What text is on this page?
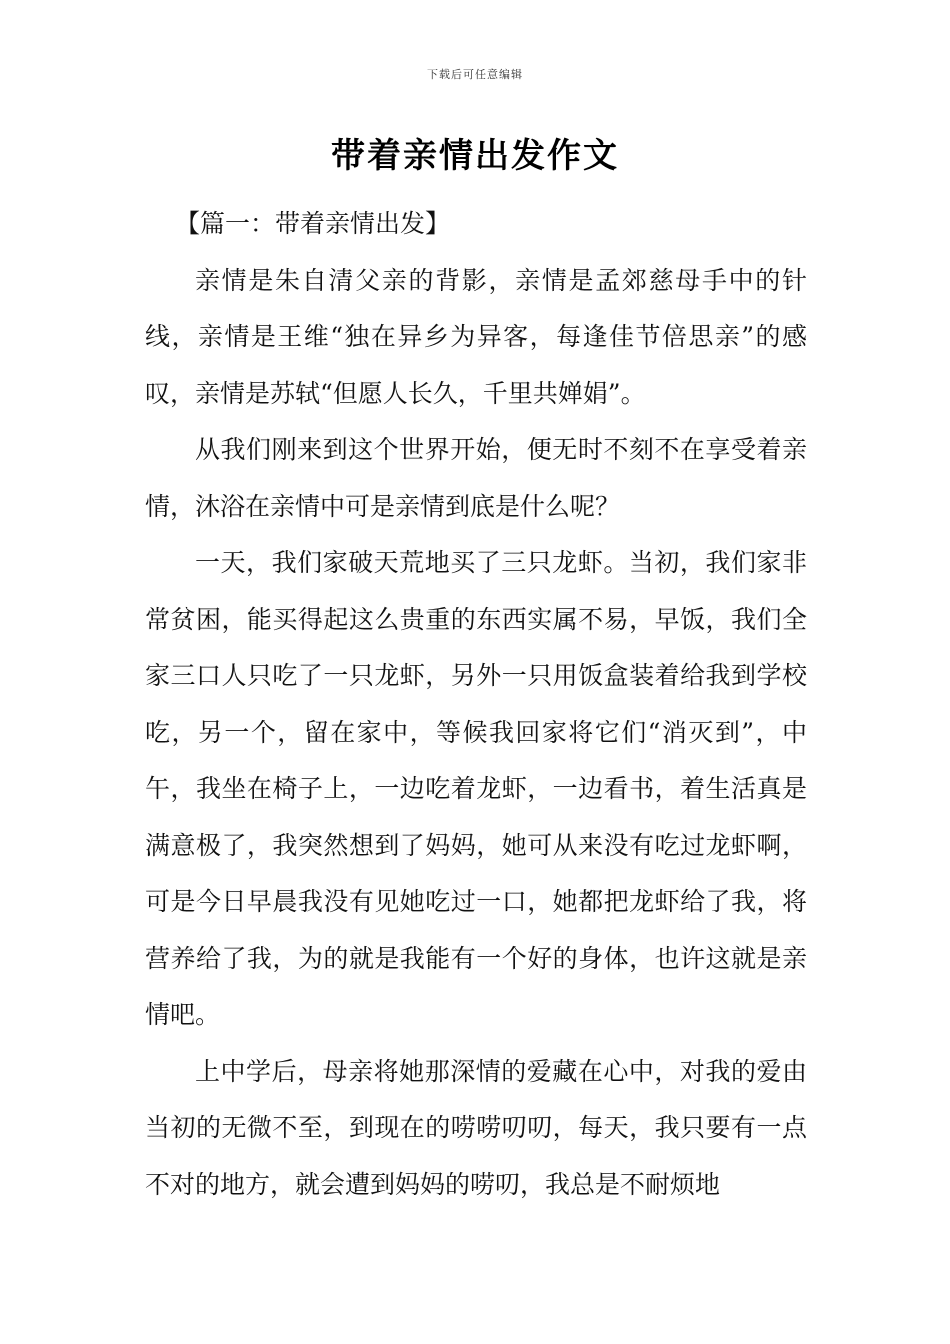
下载后可任意编辑
带着亲情出发作文
【篇一：带着亲情出发】

亲情是朱自清父亲的背影，亲情是孟郊慈母手中的针线，亲情是王维“独在异乡为异客，每逢佳节倍思亲”的感叹，亲情是苏轼“但愿人长久，千里共婵娟”。

从我们刚来到这个世界开始，便无时不刻不在享受着亲情，沐浴在亲情中可是亲情到底是什么呢？

一天，我们家破天荒地买了三只龙虾。当初，我们家非常贫困，能买得起这么贵重的东西实属不易，早饭，我们全家三口人只吃了一只龙虾，另外一只用饭盒装着给我到学校吃，另一个，留在家中，等候我回家将它们“消灭到”，中午，我坐在椅子上，一边吃着龙虾，一边看书，着生活真是满意极了，我突然想到了妈妈，她可从来没有吃过龙虾啊，可是今日早晨我没有见她吃过一口，她都把龙虾给了我，将营养给了我，为的就是我能有一个好的身体，也许这就是亲情吧。

上中学后，母亲将她那深情的爱藏在心中，对我的爱由当初的无微不至，到现在的唠唠叨叨，每天，我只要有一点不对的地方，就会遭到妈妈的唠叨，我总是不耐烦地
